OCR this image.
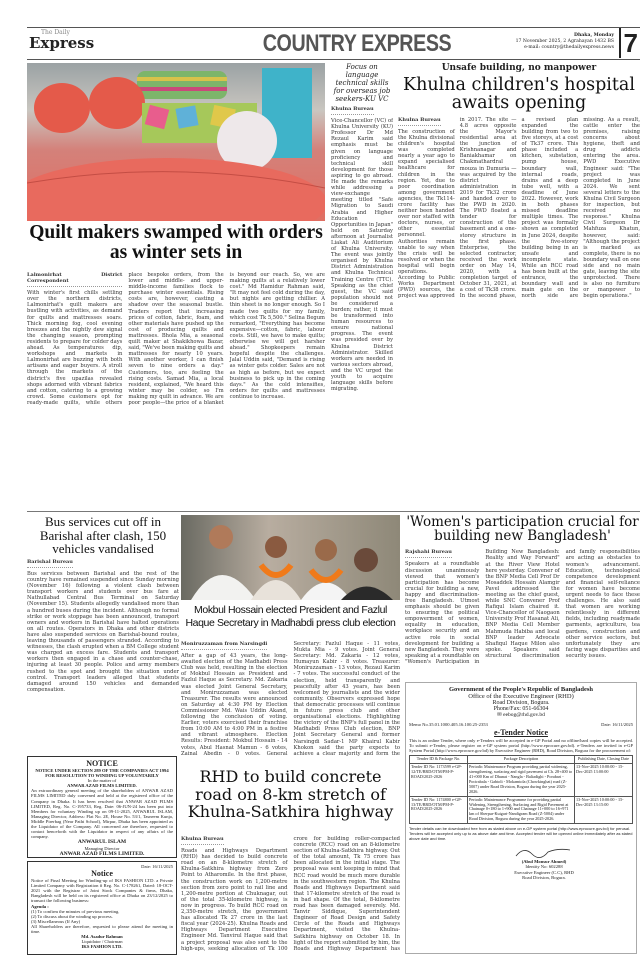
The Daily
Express	COUNTRY EXPRESS	Dhaka, Monday
17 November 2025, 2 Agrahayan 1432 BS
e-mail: country@thedailyexpress.news 7
Quilt makers swamped with orders as winter sets in
Lalmonirhat District Correspondent

With winter's first chills settling over the northern districts, Lalmonirhat's quilt makers are bustling with activities, as demand for quilts and mattresses soars. Thick morning fog, cool evening breezes and the nightly dew signal the changing season, prompting residents to prepare for colder days ahead. As temperatures dip, workshops and markets in Lalmonirhat are buzzing with both artisans and eager buyers. A stroll through the markets of the district's five upazilas revealed shops adorned with vibrant fabrics and cotton, catering to a growing crowd. Some customers opt for ready-made quilts, while others place bespoke orders, from the lower and middle- and upper-middle-income families flock to purchase winter essentials. Rising costs are, however, casting a shadow over the seasonal bustle. Traders report that increasing prices of cotton, fabric, foam, and other materials have pushed up the cost of producing quilts and mattresses. Bhola Mia, a seasonal quilt maker at Shakikhowa Bazar, said, "We've been making quilts and mattresses for nearly 10 years. With another worker, I can finish seven to nine orders a day." Customers, too, are feeling the rising costs. Samad Mia, a local resident, explained, "We heard this winter may be colder, so I'm making my quilt in advance. We are poor people—the price of a blanket is beyond our reach. So, we are making quilts at a relatively lower cost." Md Hamidur Rahman said, "It may not feel cold during the day, but nights are getting chillier. A thin sheet is no longer enough. So I made two quilts for my family, which cost Tk 5,500." Selina Begum remarked, "Everything has become expensive—cotton, fabric, labour costs. Still, we have to make quilts; otherwise we will get harsher ahead." Shopkeepers remain hopeful despite the challenges. Jalal Uddin said, "Demand is rising as winter gets colder. Sales are not as high as before, but we expect business to pick up in the coming days." As the cold intensifies, orders for quilts and mattresses continue to increase.

Focus on language technical skills for overseas job seekers-KU VC
Khulna Bureau

Vice-Chancellor (VC) of Khulna University (KU) Professor Dr Md Rezaul Karim said emphasis must be given on language proficiency and technical skill development for those aspiring to go abroad. He made the remarks while addressing a view-exchange meeting titled "Safe Migration to Saudi Arabia and Higher Education Opportunities in Japan" held on Saturday afternoon at Journalist Liakat Ali Auditorium of Khulna University. The event was jointly organised by Khulna District Administration and Khulna Technical Training Centre (TTC). Speaking as the chief guest, the VC said population should not be considered a burden; rather, it must be transformed into human resources to ensure national progress. The event was presided over by Khulna District Administrator. Skilled workers are needed in various sectors abroad, and the VC urged the youth to acquire language skills before migrating.

Unsafe building, no manpower
Khulna children's hospital awaits opening
Khulna Bureau

The construction of the Khulna divisional children's hospital was completed nearly a year ago to expand specialised healthcare for children in the region. Yet, due to poor coordination among government agencies, the Tk114-crore facility has neither been handed over nor staffed with doctors, nurses, or other essential personnel. Authorities remain unable to say when the crisis will be resolved or when the hospital will begin operations. According to Public Works Department (PWD) sources, the project was approved in 2017. The site — 4.8 acres opposite the Mayor's residential area at the junction of Krishnanagar and Baniakhamar on Chakmathardral mouza in Dumuria — was acquired by the district administration in 2019 for Tk32 crore and handed over to the PWD in 2020. The PWD floated a tender for construction of the basement and a one-storey structure in the first phase. Enterprise, the selected contractor, received the work order on May 14, 2020, with a completion target of October 31, 2021, at a cost of Tk38 crore. In the second phase, a revised plan expanded the building from two to five storeys, at a cost of Tk37 crore. This phase included a kitchen, substation, pump house, boundary wall, internal roads, drains and a deep tube well, with a deadline of June 2022. However, work in both phases missed deadline multiple times. The project was formally shown as completed in June 2024, despite the five-storey building being in an unsafe and incomplete state. While an RCC road has been built at the entrance, the boundary wall and main gate on the north side are missing. As a result, cattle enter the premises, raising concerns about hygiene, theft and drug addicts entering the area. PWD Executive Engineer said: "The project was completed in June 2024. We sent several letters to the Khulna Civil Surgeon for inspection, but received no response." Khulna Civil Surgeon Dr Mahfuza Khatun, however, said: "Although the project is marked as complete, there is no boundary wall on one side and no main gate, leaving the site unprotected. There is also no furniture or manpower to begin operations."

Bus services cut off in Barishal after clash, 150 vehicles vandalised
Barishal Bureau

Bus services between Barishal and the rest of the country have remained suspended since Sunday morning (November 16) following a violent clash between transport workers and students over bus fare at Nathullabad Central Bus Terminal on Saturday (November 15). Students allegedly vandalised more than a hundred buses during the incident. Although no formal strike or work stoppage has been announced, transport owners and workers in Barishal have halted operations on all routes. Operators in Dhaka and other districts have also suspended services on Barishal-bound routes, leaving thousands of passengers stranded. According to witnesses, the clash erupted when a BM College student was charged an excess fare. Students and transport workers then engaged in a chase and counter-chase, injuring at least 30 people. Police and army members rushed to the spot and brought the situation under control. Transport leaders alleged that students damaged around 150 vehicles and demanded compensation.

NOTICE
NOTICE UNDER SECTION 289 OF THE COMPANIES ACT 1994 FOR RESOLUTION TO WINDING UP VOLUNTARILY
In the matter of
ANWAR AZAD FILMS LIMITED.
An extraordinary general meeting of the shareholders of ANWAR AZAD FILMS LIMITED duly convened and held at the registered office of the Company in Dhaka. It has been resolved that ANWAR AZAD FILMS LIMITED, Reg. No. C-195733, Reg. Date: 06-JUN-24 has been put into Members for voluntary Winding up on 09-11-2025, ANWARUL ISLAM, Managing Director, Address: Flat No. 2E, House No. 53/1, Tasneem Kunja, Middle Pirerbag (Near Pathi School), Mirpur, Dhaka has been appointed as the Liquidator of the Company. All concerned are therefore, requested to contact henceforth with the Liquidator in respect of any affairs of the company.
ANWARUL ISLAM
Managing Director
ANWAR AZAD FILMS LIMITED.
Date: 16/11/2025
Notice
Notice of Final Meeting for Winding-up of IKS FASHION LTD. a Private Limited Company with Registration # Reg. No. C-178261, Dated: 18-OCT-2021 with the Registrar of Joint Stock Companies & firms, Dhaka, Bangladesh will be held on its registered office at Dhaka on 23/12/2025 to transact the following business:
Agenda :
(1) To confirm the minutes of previous meeting.
(2) To discuss about the winding up process.
(3) Miscellaneous (If Any)
All Shareholders are therefore, requested to please attend the meeting in time.
Md. Asadur Rahman
Liquidator / Chairman
IKS FASHION LTD.
Mokbul Hossain elected President and Fazlul Haque Secretary in Madhabdi press club election
Moniruzzaman from Narsingdi

After a gap of 43 years, the long-awaited election of the Madhabdi Press Club was held, resulting in the election of Mokbul Hossain as President and Fazlul Haque as Secretary. Md. Zakaria was elected Joint General Secretary, and Moniruzzaman was elected Treasurer. The results were announced on Saturday at 4:30 PM by Election Commissioner Md. Wais Uddin Akand, following the conclusion of voting. Earlier, voters exercised their franchise from 10:00 AM to 4:00 PM in a festive and vibrant atmosphere. Election Results: President: Mokbul Hossain - 14 votes, Abul Hasnat Mamun - 6 votes, Zainal Abedin - 0 votes. General Secretary: Fazlul Haque - 11 votes, Mukta Mia - 9 votes. Joint General Secretary: Md. Zakaria - 12 votes, Humayun Kabir - 8 votes. Treasurer: Moniruzzaman - 13 votes, Rezaul Karim - 7 votes. The successful conduct of the election, held transparently and peacefully after 43 years, has been welcomed by journalists and the wider community. Observers expressed hope that democratic processes will continue in future press club and other organisational elections. Highlighting the victory of the BNP's full panel in the Madhabdi Press Club election, BNP Joint Secretary General and former Narsingdi Sadar-1 MP Khairul Kabir Khokon said the party expects to achieve a clear majority and form the

'Women's participation crucial for building new Bangladesh'
Rajshahi Bureau

Speakers at a roundtable discussion unanimously viewed that women's participation has become crucial for building a new, happy and discrimination-free Bangladesh. Utmost emphasis should be given to ensuring the political empowerment of women, equality in education, workplace security and an active role in social development for building a new Bangladesh. They were speaking at a roundtable on "Women's Participation in Building New Bangladesh: Reality and Way Forward" at the River View Hotel here yesterday. Convener of the BNP Media Cell Prof Dr Mosaddek Hossain Alamgir Pavel addressed the meeting as the chief guest, while SNC Convener Prof Rafiqul Islam chaired it. Vice-Chancellor of Naogaon University Prof Hasanat Ali, BNP Media Cell Member Mahmuda Habiba and local BNP leader Advocate Shafiqul Haque Milon also spoke. Speakers said structural discrimination and family responsibilities are acting as obstacles to women's advancement. Education, technological competence development and financial self-reliance for women have become urgent needs to face these challenges. He also said that women are working relentlessly in different fields, including readymade garments, agriculture, tea gardens, construction and other service sectors, but unfortunately they are facing wage disparities and security issues.

Government of the People's Republic of Bangladesh
Office of the Executive Engineer (RHD)
Road Division, Bogura.
Phone/Fax: 051-66304
✉ eebog@rhd.gov.bd
Memo No.35.01.1000.405.16.100.25-2353	Date: 16/11/2025
e-Tender Notice
This is an online Tender, where only e-Tenders will be accepted in e-GP Portal and no offline/hard copies will be accepted. To submit e-Tender, please register on e-GP system portal (http://www.eprocure.gov.bd). e-Tenders are invited in e-GP System Portal (http://www.eprocure.gov.bd) by Executive Engineer (RHD), Road Division, Bogura for the procurement of:
Tender ID & Package No.	Package Description	Publishing Date, Closing Date
Tender ID No: 1173599 e-GP-12/TE/BRD/OTM/PM-P-ROAD/2025-2026	Periodic Maintenance Program providing partial widening, strengthening, surfacing and rigid pavement at Ch. 28+400 to 41+000 Km of Dhunat - Nangla - Baliadighi - Porabari - Pocirabala - Gabtoli - Mokamtola (Chowkinghat) road (Z-5007) under Road Division, Bogura during the year 2025-2026.	13-Nov-2025 10:00:00 - 15-Dec-2025 13:00:00
Tender ID No: 1174800 e-GP-13/TE/BRD/OTM/PM-P-ROAD/2025-2026	Periodic Maintenance Programme for providing partial Widening, Strengthening, Surfacing and Rigid Pavement at Chainage 0+180 to 1+900 and Chainage 11+000 to 16+971 km of Sherpur-Kuigari-Nandigram Road (Z-5004) under Road Division, Bogura during the year 2025-2026.	13-Nov-2025 10:00:00 - 15-Dec-2025 13:15:00
Tender details can be downloaded free from as stated above on e-GP system portal (http://www.eprocure.gov.bd) for perusal.
Tenders will be accepted only up to as above date and time. Accepted tender will be opened online immediately after as stated above date and time.
(Abul Monsur Ahmed)
Identity No: 602288
Executive Engineer (C.C), RHD
Road Division, Bogura.
RHD to build concrete road on 8-km stretch of Khulna-Satkhira highway
Khulna Bureau

Roads and Highways Department (RHD) has decided to build concrete road on an 8-kilometre stretch of Khulna-Satkhira highway from Zero Point to Atharomile. In the first phase, the construction work on 1,200-metre section from zero point to rail line and 1,200-metre portion at Chuknagar, out of the total 35-kilometre highway, is now in progress. To build RCC road on 2,350-metre stretch, the government has allocated Tk 27 crore in the last fiscal year (2024-25). Khulna Roads and Highways Department Executive Engineer Md. Tanvirul Haque said that a project proposal was also sent to the high-ups, seeking allocation of Tk 100 crore for building roller-compacted concrete (RCC) road on an 8-kilometre section of Khulna-Satkhira highway. Out of the total amount, Tk 75 crore has been allocated in the initial stage. The proposal was sent keeping in mind that RCC road would be much more durable in the southwestern region. The Khulna Roads and Highways Department said that 17-kilometre stretch of the road is in bad shape. Of the total, 8-kilometre road has been damaged severely. Md. Tanvir Siddique, Superintendent Engineer of Road Design and Safety Circle of the Roads and Highways Department, visited the Khulna-Satkhira highway on October 18. In light of the report submitted by him, the Roads and Highway Department has
